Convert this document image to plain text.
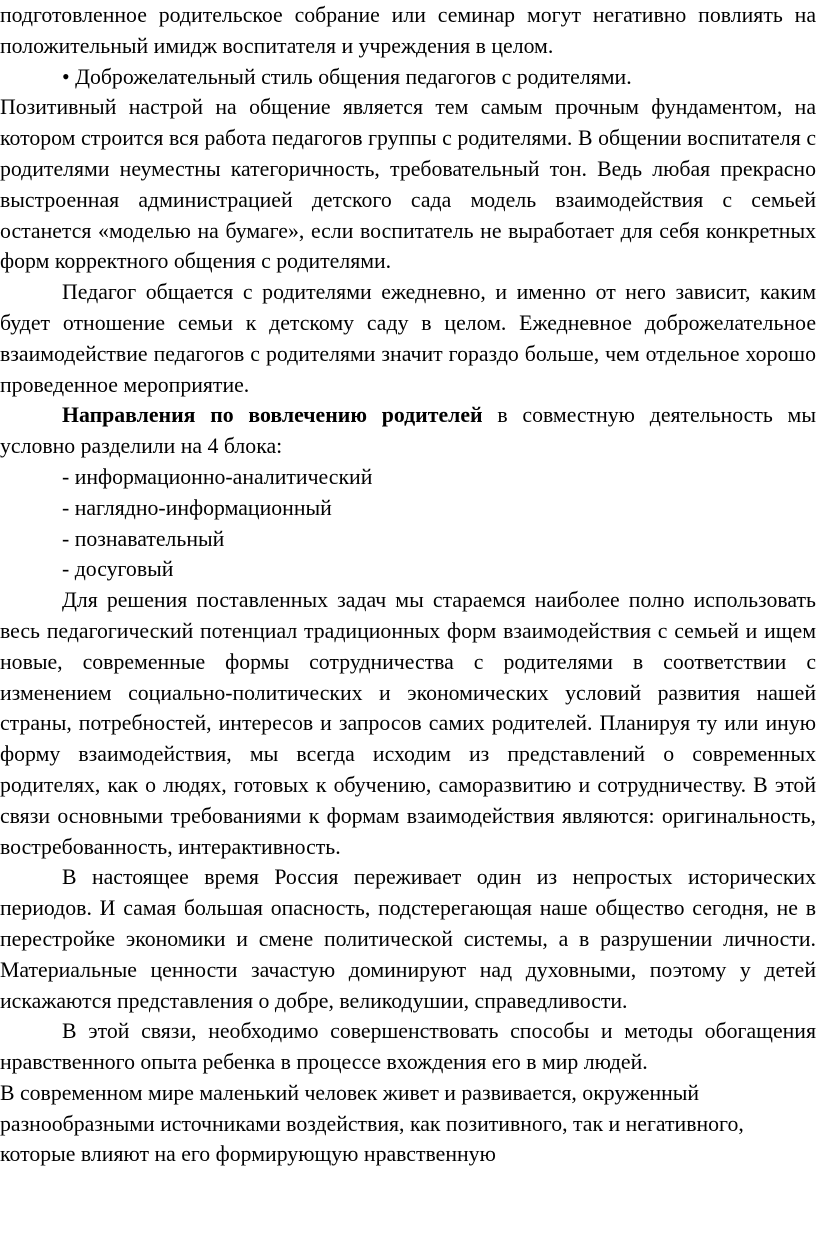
подготовленное родительское собрание или семинар могут негативно повлиять на положительный имидж воспитателя и учреждения в целом.

• Доброжелательный стиль общения педагогов с родителями.

Позитивный настрой на общение является тем самым прочным фундаментом, на котором строится вся работа педагогов группы с родителями. В общении воспитателя с родителями неуместны категоричность, требовательный тон. Ведь любая прекрасно выстроенная администрацией детского сада модель взаимодействия с семьей останется «моделью на бумаге», если воспитатель не выработает для себя конкретных форм корректного общения с родителями.

Педагог общается с родителями ежедневно, и именно от него зависит, каким будет отношение семьи к детскому саду в целом. Ежедневное доброжелательное взаимодействие педагогов с родителями значит гораздо больше, чем отдельное хорошо проведенное мероприятие.

Направления по вовлечению родителей в совместную деятельность мы условно разделили на 4 блока:

- информационно-аналитический
- наглядно-информационный
- познавательный
- досуговый

Для решения поставленных задач мы стараемся наиболее полно использовать весь педагогический потенциал традиционных форм взаимодействия с семьей и ищем новые, современные формы сотрудничества с родителями в соответствии с изменением социально-политических и экономических условий развития нашей страны, потребностей, интересов и запросов самих родителей. Планируя ту или иную форму взаимодействия, мы всегда исходим из представлений о современных родителях, как о людях, готовых к обучению, саморазвитию и сотрудничеству. В этой связи основными требованиями к формам взаимодействия являются: оригинальность, востребованность, интерактивность.

В настоящее время Россия переживает один из непростых исторических периодов. И самая большая опасность, подстерегающая наше общество сегодня, не в перестройке экономики и смене политической системы, а в разрушении личности. Материальные ценности зачастую доминируют над духовными, поэтому у детей искажаются представления о добре, великодушии, справедливости.

В этой связи, необходимо совершенствовать способы и методы обогащения нравственного опыта ребенка в процессе вхождения его в мир людей.

В современном мире маленький человек живет и развивается, окруженный разнообразными источниками воздействия, как позитивного, так и негативного, которые влияют на его формирующую нравственную
